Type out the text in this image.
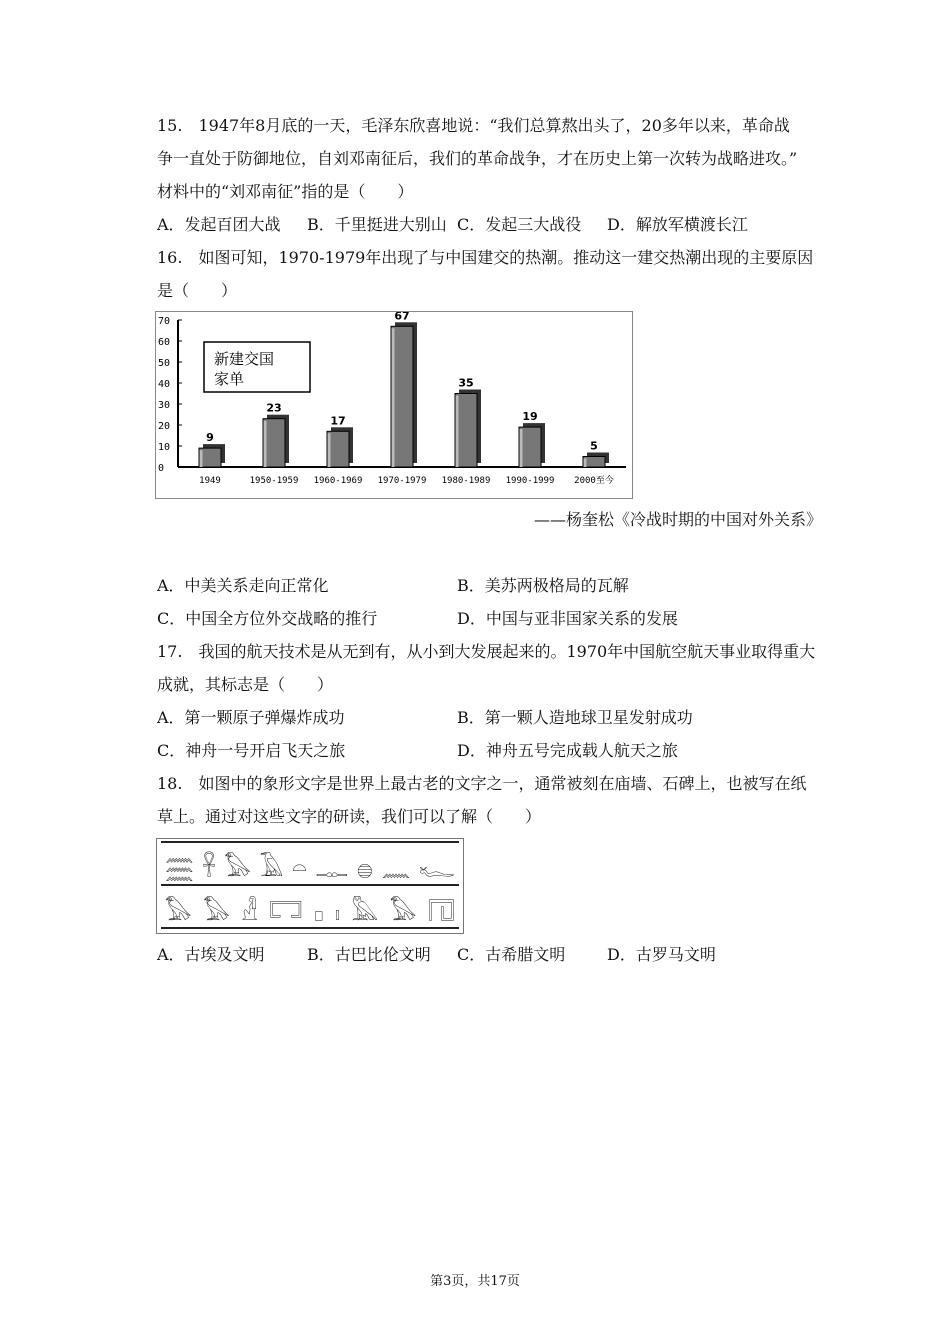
15. 1947年8月底的一天，毛泽东欣喜地说：“我们总算熬出头了，20多年以来，革命战
争一直处于防御地位，自刘邓南征后，我们的革命战争，才在历史上第一次转为战略进攻。”
材料中的“刘邓南征”指的是（　　）
A．发起百团大战 B．千里挺进大别山 C．发起三大战役 D．解放军横渡长江
16. 如图可知，1970-1979年出现了与中国建交的热潮。推动这一建交热潮出现的主要原因
是（　　）
0
10
20
30
40
50
60
70
9
1949
23
1950-1959
17
1960-1969
67
1970-1979
35
1980-1989
19
1990-1999
5
2000至今
新建交国
家单
——杨奎松《冷战时期的中国对外关系》
A．中美关系走向正常化	B．美苏两极格局的瓦解
C．中国全方位外交战略的推行	D．中国与亚非国家关系的发展
17. 我国的航天技术是从无到有，从小到大发展起来的。1970年中国航空航天事业取得重大
成就，其标志是（　　）
A．第一颗原子弹爆炸成功	B．第一颗人造地球卫星发射成功
C．神舟一号开启飞天之旅	D．神舟五号完成载人航天之旅
18. 如图中的象形文字是世界上最古老的文字之一，通常被刻在庙墙、石碑上，也被写在纸
草上。通过对这些文字的研读，我们可以了解（　　）
𓈗 𓋹 𓅃 𓄿 𓏏 𓊃 𓐍 𓈖 𓆑
𓅃 𓅃 𓁐 𓉐 𓊪 𓏤 𓅓 𓅃 𓉔
A．古埃及文明	B．古巴比伦文明 C．古希腊文明	D．古罗马文明
第3页，共17页
